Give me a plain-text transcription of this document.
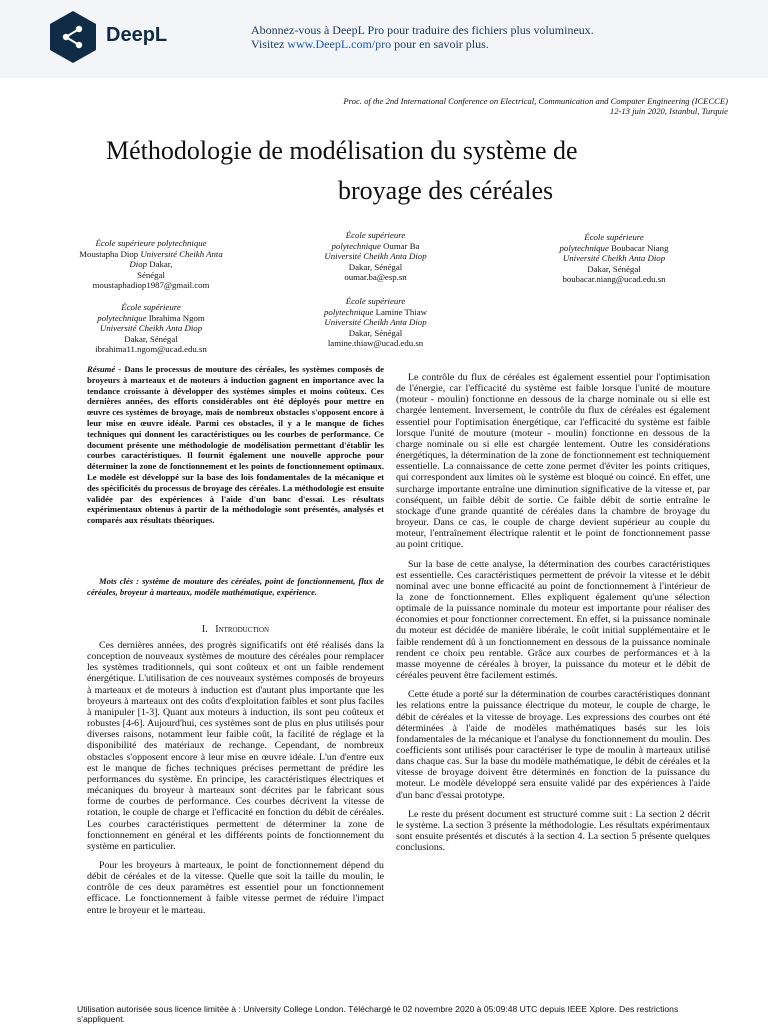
DeepL	Abonnez-vous à DeepL Pro pour traduire des fichiers plus volumineux.
Visitez www.DeepL.com/pro pour en savoir plus.
Proc. of the 2nd International Conference on Electrical, Communication and Computer Engineering (ICECCE)
12-13 juin 2020, Istanbul, Turquie
Méthodologie de modélisation du système de
broyage des céréales
École supérieure polytechnique
Moustapha Diop Université Cheikh Anta Diop Dakar,
Sénégal
moustaphadiop1987@gmail.com
École supérieure
polytechnique Oumar Ba
Université Cheikh Anta Diop
Dakar, Sénégal
oumar.ba@esp.sn
École supérieure
polytechnique Boubacar Niang
Université Cheikh Anta Diop
Dakar, Sénégal
boubacar.niang@ucad.edu.sn
École supérieure
polytechnique Ibrahima Ngom
Université Cheikh Anta Diop
Dakar, Sénégal
ibrahima11.ngom@ucad.edu.sn
École supérieure
polytechnique Lamine Thiaw
Université Cheikh Anta Diop
Dakar, Sénégal
lamine.thiaw@ucad.edu.sn
Résumé - Dans le processus de mouture des céréales, les systèmes composés de broyeurs à marteaux et de moteurs à induction gagnent en importance avec la tendance croissante à développer des systèmes simples et moins coûteux. Ces dernières années, des efforts considérables ont été déployés pour mettre en œuvre ces systèmes de broyage, mais de nombreux obstacles s'opposent encore à leur mise en œuvre idéale. Parmi ces obstacles, il y a le manque de fiches techniques qui donnent les caractéristiques ou les courbes de performance. Ce document présente une méthodologie de modélisation permettant d'établir les courbes caractéristiques. Il fournit également une nouvelle approche pour déterminer la zone de fonctionnement et les points de fonctionnement optimaux. Le modèle est développé sur la base des lois fondamentales de la mécanique et des spécificités du processus de broyage des céréales. La méthodologie est ensuite validée par des expériences à l'aide d'un banc d'essai. Les résultats expérimentaux obtenus à partir de la méthodologie sont présentés, analysés et comparés aux résultats théoriques.
Mots clés : système de mouture des céréales, point de fonctionnement, flux de céréales, broyeur à marteaux, modèle mathématique, expérience.
I. Introduction

Ces dernières années, des progrès significatifs ont été réalisés dans la conception de nouveaux systèmes de mouture des céréales pour remplacer les systèmes traditionnels, qui sont coûteux et ont un faible rendement énergétique. L'utilisation de ces nouveaux systèmes composés de broyeurs à marteaux et de moteurs à induction est d'autant plus importante que les broyeurs à marteaux ont des coûts d'exploitation faibles et sont plus faciles à manipuler [1-3]. Quant aux moteurs à induction, ils sont peu coûteux et robustes [4-6]. Aujourd'hui, ces systèmes sont de plus en plus utilisés pour diverses raisons, notamment leur faible coût, la facilité de réglage et la disponibilité des matériaux de rechange. Cependant, de nombreux obstacles s'opposent encore à leur mise en œuvre idéale. L'un d'entre eux est le manque de fiches techniques précises permettant de prédire les performances du système. En principe, les caractéristiques électriques et mécaniques du broyeur à marteaux sont décrites par le fabricant sous forme de courbes de performance. Ces courbes décrivent la vitesse de rotation, le couple de charge et l'efficacité en fonction du débit de céréales. Les courbes caractéristiques permettent de déterminer la zone de fonctionnement en général et les différents points de fonctionnement du système en particulier.

Pour les broyeurs à marteaux, le point de fonctionnement dépend du débit de céréales et de la vitesse. Quelle que soit la taille du moulin, le contrôle de ces deux paramètres est essentiel pour un fonctionnement efficace. Le fonctionnement à faible vitesse permet de réduire l'impact entre le broyeur et le marteau.

Le contrôle du flux de céréales est également essentiel pour l'optimisation de l'énergie, car l'efficacité du système est faible lorsque l'unité de mouture (moteur - moulin) fonctionne en dessous de la charge nominale ou si elle est chargée lentement. Inversement, le contrôle du flux de céréales est également essentiel pour l'optimisation énergétique, car l'efficacité du système est faible lorsque l'unité de mouture (moteur - moulin) fonctionne en dessous de la charge nominale ou si elle est chargée lentement. Outre les considérations énergétiques, la détermination de la zone de fonctionnement est techniquement essentielle. La connaissance de cette zone permet d'éviter les points critiques, qui correspondent aux limites où le système est bloqué ou coincé. En effet, une surcharge importante entraîne une diminution significative de la vitesse et, par conséquent, un faible débit de sortie. Ce faible débit de sortie entraîne le stockage d'une grande quantité de céréales dans la chambre de broyage du broyeur. Dans ce cas, le couple de charge devient supérieur au couple du moteur, l'entraînement électrique ralentit et le point de fonctionnement passe au point critique.

Sur la base de cette analyse, la détermination des courbes caractéristiques est essentielle. Ces caractéristiques permettent de prévoir la vitesse et le débit nominal avec une bonne efficacité au point de fonctionnement à l'intérieur de la zone de fonctionnement. Elles expliquent également qu'une sélection optimale de la puissance nominale du moteur est importante pour réaliser des économies et pour fonctionner correctement. En effet, si la puissance nominale du moteur est décidée de manière libérale, le coût initial supplémentaire et le faible rendement dû à un fonctionnement en dessous de la puissance nominale rendent ce choix peu rentable. Grâce aux courbes de performances et à la masse moyenne de céréales à broyer, la puissance du moteur et le débit de céréales peuvent être facilement estimés.

Cette étude a porté sur la détermination de courbes caractéristiques donnant les relations entre la puissance électrique du moteur, le couple de charge, le débit de céréales et la vitesse de broyage. Les expressions des courbes ont été déterminées à l'aide de modèles mathématiques basés sur les lois fondamentales de la mécanique et l'analyse du fonctionnement du moulin. Des coefficients sont utilisés pour caractériser le type de moulin à marteaux utilisé dans chaque cas. Sur la base du modèle mathématique, le débit de céréales et la vitesse de broyage doivent être déterminés en fonction de la puissance du moteur. Le modèle développé sera ensuite validé par des expériences à l'aide d'un banc d'essai prototype.

Le reste du présent document est structuré comme suit : La section 2 décrit le système. La section 3 présente la méthodologie. Les résultats expérimentaux sont ensuite présentés et discutés à la section 4. La section 5 présente quelques conclusions.

Utilisation autorisée sous licence limitée à : University College London. Téléchargé le 02 novembre 2020 à 05:09:48 UTC depuis IEEE Xplore. Des restrictions
s'appliquent.
